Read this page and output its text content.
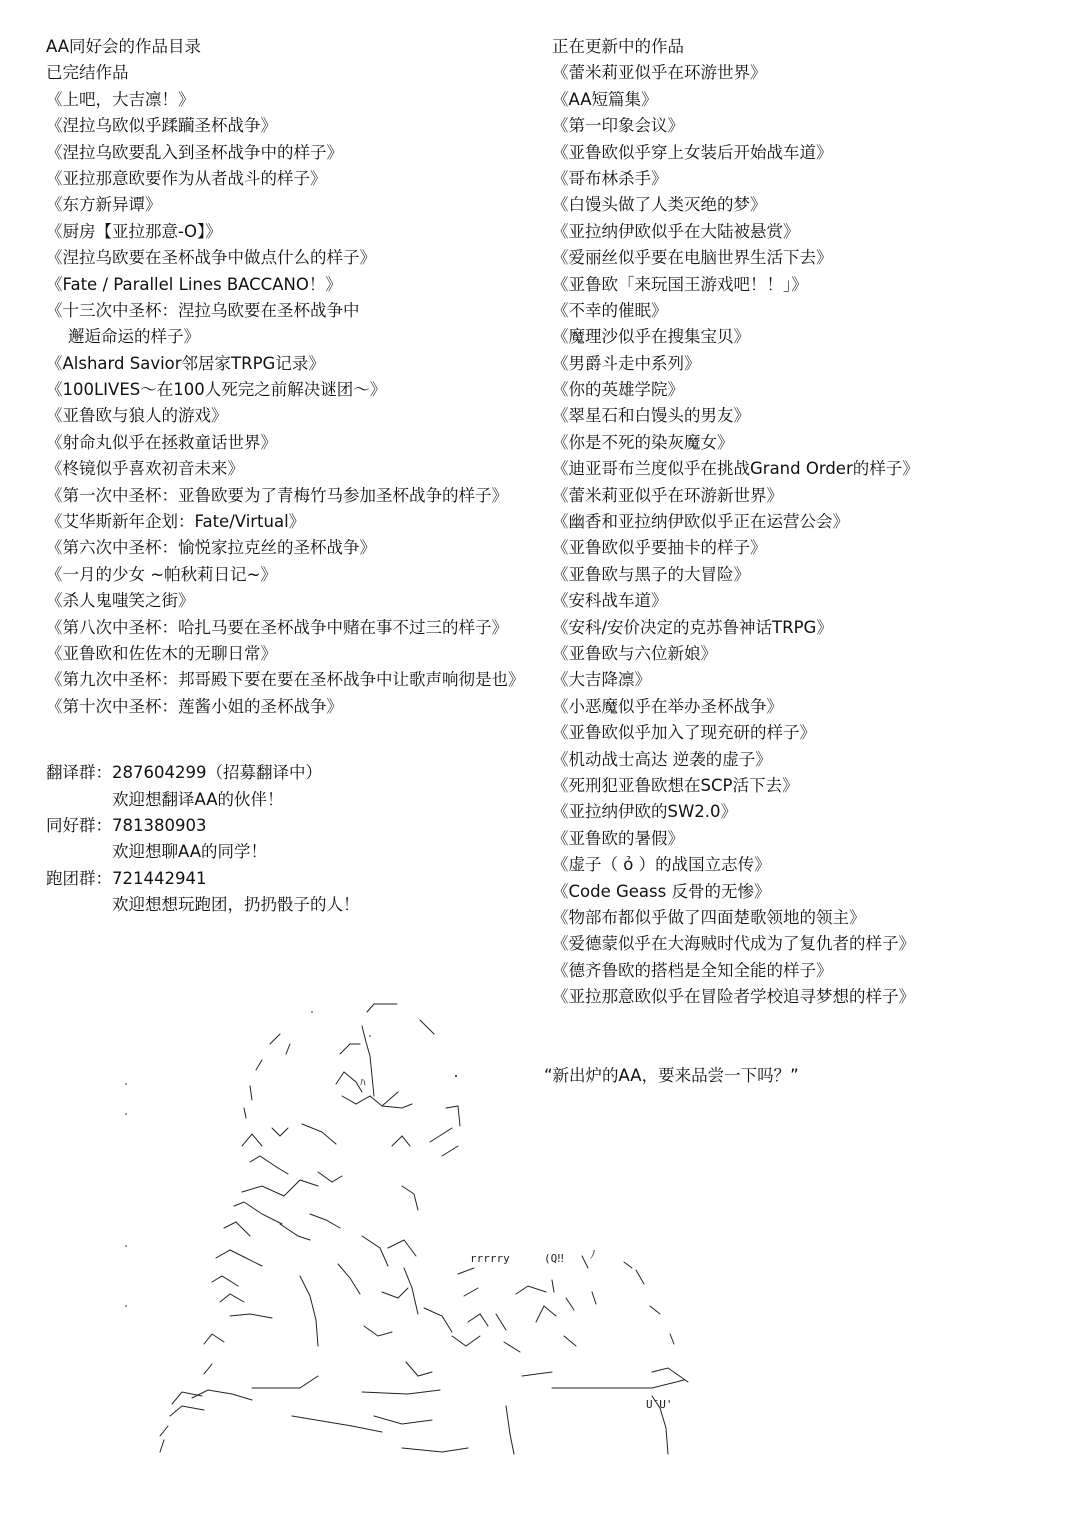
AA同好会的作品目录
已完结作品
《上吧，大吉凛！》
《涅拉乌欧似乎蹂躏圣杯战争》
《涅拉乌欧要乱入到圣杯战争中的样子》
《亚拉那意欧要作为从者战斗的样子》
《东方新异谭》
《厨房【亚拉那意-O】》
《涅拉乌欧要在圣杯战争中做点什么的样子》
《Fate / Parallel Lines BACCANO！》
《十三次中圣杯：涅拉乌欧要在圣杯战争中
邂逅命运的样子》
《Alshard Savior邻居家TRPG记录》
《100LIVES～在100人死完之前解决谜团～》
《亚鲁欧与狼人的游戏》
《射命丸似乎在拯救童话世界》
《柊镜似乎喜欢初音未来》
《第一次中圣杯：亚鲁欧要为了青梅竹马参加圣杯战争的样子》
《艾华斯新年企划：Fate/Virtual》
《第六次中圣杯：愉悦家拉克丝的圣杯战争》
《一月的少女 ~帕秋莉日记~》
《杀人鬼嗤笑之街》
《第八次中圣杯：哈扎马要在圣杯战争中赌在事不过三的样子》
《亚鲁欧和佐佐木的无聊日常》
《第九次中圣杯：邦哥殿下要在要在圣杯战争中让歌声响彻是也》
《第十次中圣杯：莲酱小姐的圣杯战争》
翻译群： 287604299（招募翻译中）
欢迎想翻译AA的伙伴！
同好群： 781380903
欢迎想聊AA的同学！
跑团群： 721442941
欢迎想想玩跑团，扔扔骰子的人！
正在更新中的作品
《蕾米莉亚似乎在环游世界》
《AA短篇集》
《第一印象会议》
《亚鲁欧似乎穿上女装后开始战车道》
《哥布林杀手》
《白馒头做了人类灭绝的梦》
《亚拉纳伊欧似乎在大陆被悬赏》
《爱丽丝似乎要在电脑世界生活下去》
《亚鲁欧「来玩国王游戏吧！！」》
《不幸的催眠》
《魔理沙似乎在搜集宝贝》
《男爵斗走中系列》
《你的英雄学院》
《翠星石和白馒头的男友》
《你是不死的染灰魔女》
《迪亚哥布兰度似乎在挑战Grand Order的样子》
《蕾米莉亚似乎在环游新世界》
《幽香和亚拉纳伊欧似乎正在运营公会》
《亚鲁欧似乎要抽卡的样子》
《亚鲁欧与黑子的大冒险》
《安科战车道》
《安科/安价决定的克苏鲁神话TRPG》
《亚鲁欧与六位新娘》
《大吉降凛》
《小恶魔似乎在举办圣杯战争》
《亚鲁欧似乎加入了现充研的样子》
《机动战士高达 逆袭的虚子》
《死刑犯亚鲁欧想在SCP活下去》
《亚拉纳伊欧的SW2.0》
《亚鲁欧的暑假》
《虚子（ ỏ ）的战国立志传》
《Code Geass 反骨的无惨》
《物部布都似乎做了四面楚歌领地的领主》
《爱德蒙似乎在大海贼时代成为了复仇者的样子》
《德齐鲁欧的搭档是全知全能的样子》
《亚拉那意欧似乎在冒险者学校追寻梦想的样子》
“新出炉的AA，要来品尝一下吗？”
rrrrry	(Q‼
U¯U'
ﾊ
ﾉ
